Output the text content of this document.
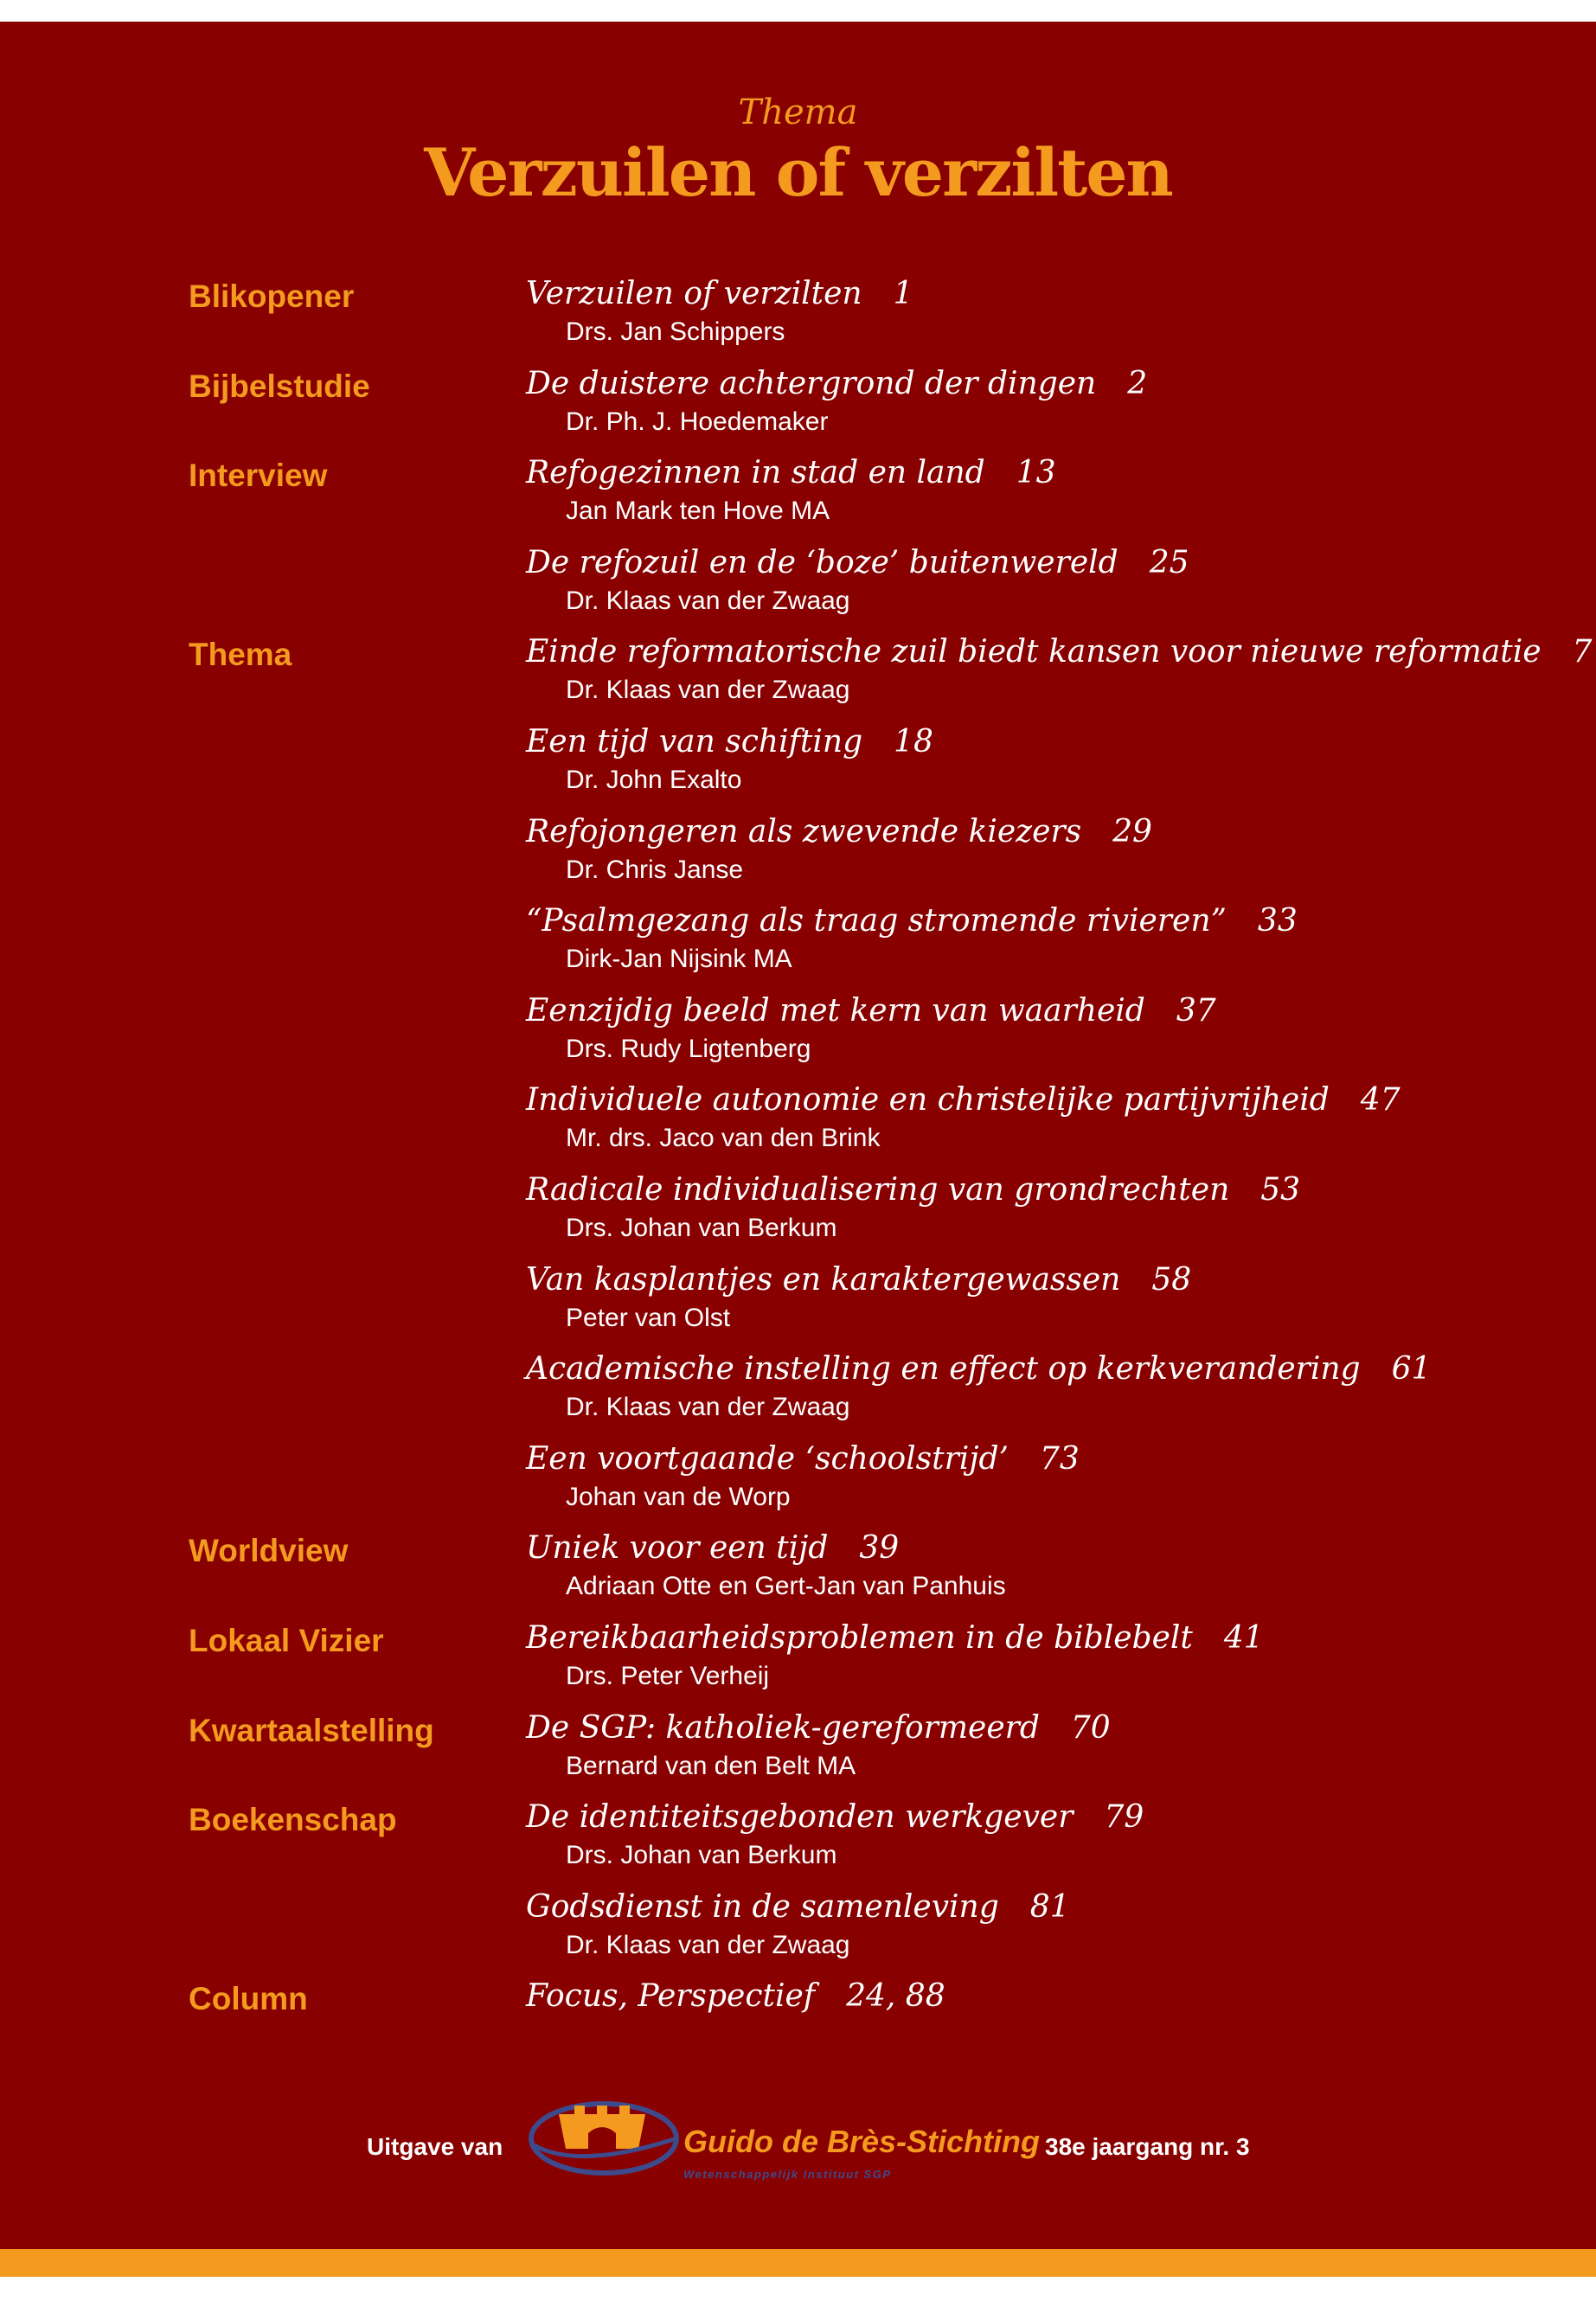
Thema
Verzuilen of verzilten
Blikopener	Verzuilen of verzilten 1
Drs. Jan Schippers
Bijbelstudie	De duistere achtergrond der dingen 2
Dr. Ph. J. Hoedemaker
Interview	Refogezinnen in stad en land 13
Jan Mark ten Hove MA
De refozuil en de ‘boze’ buitenwereld 25
Dr. Klaas van der Zwaag
Thema	Einde reformatorische zuil biedt kansen voor nieuwe reformatie 7
Dr. Klaas van der Zwaag
Een tijd van schifting 18
Dr. John Exalto
Refojongeren als zwevende kiezers 29
Dr. Chris Janse
“Psalmgezang als traag stromende rivieren” 33
Dirk-Jan Nijsink MA
Eenzijdig beeld met kern van waarheid 37
Drs. Rudy Ligtenberg
Individuele autonomie en christelijke partijvrijheid 47
Mr. drs. Jaco van den Brink
Radicale individualisering van grondrechten 53
Drs. Johan van Berkum
Van kasplantjes en karaktergewassen 58
Peter van Olst
Academische instelling en effect op kerkverandering 61
Dr. Klaas van der Zwaag
Een voortgaande ‘schoolstrijd’ 73
Johan van de Worp
Worldview	Uniek voor een tijd 39
Adriaan Otte en Gert-Jan van Panhuis
Lokaal Vizier	Bereikbaarheidsproblemen in de biblebelt 41
Drs. Peter Verheij
Kwartaalstelling	De SGP: katholiek-gereformeerd 70
Bernard van den Belt MA
Boekenschap	De identiteitsgebonden werkgever 79
Drs. Johan van Berkum
Godsdienst in de samenleving 81
Dr. Klaas van der Zwaag
Column	Focus, Perspectief 24, 88
Uitgave van	Guido de Brès-Stichting
Wetenschappelijk Instituut SGP
38e jaargang nr. 3
